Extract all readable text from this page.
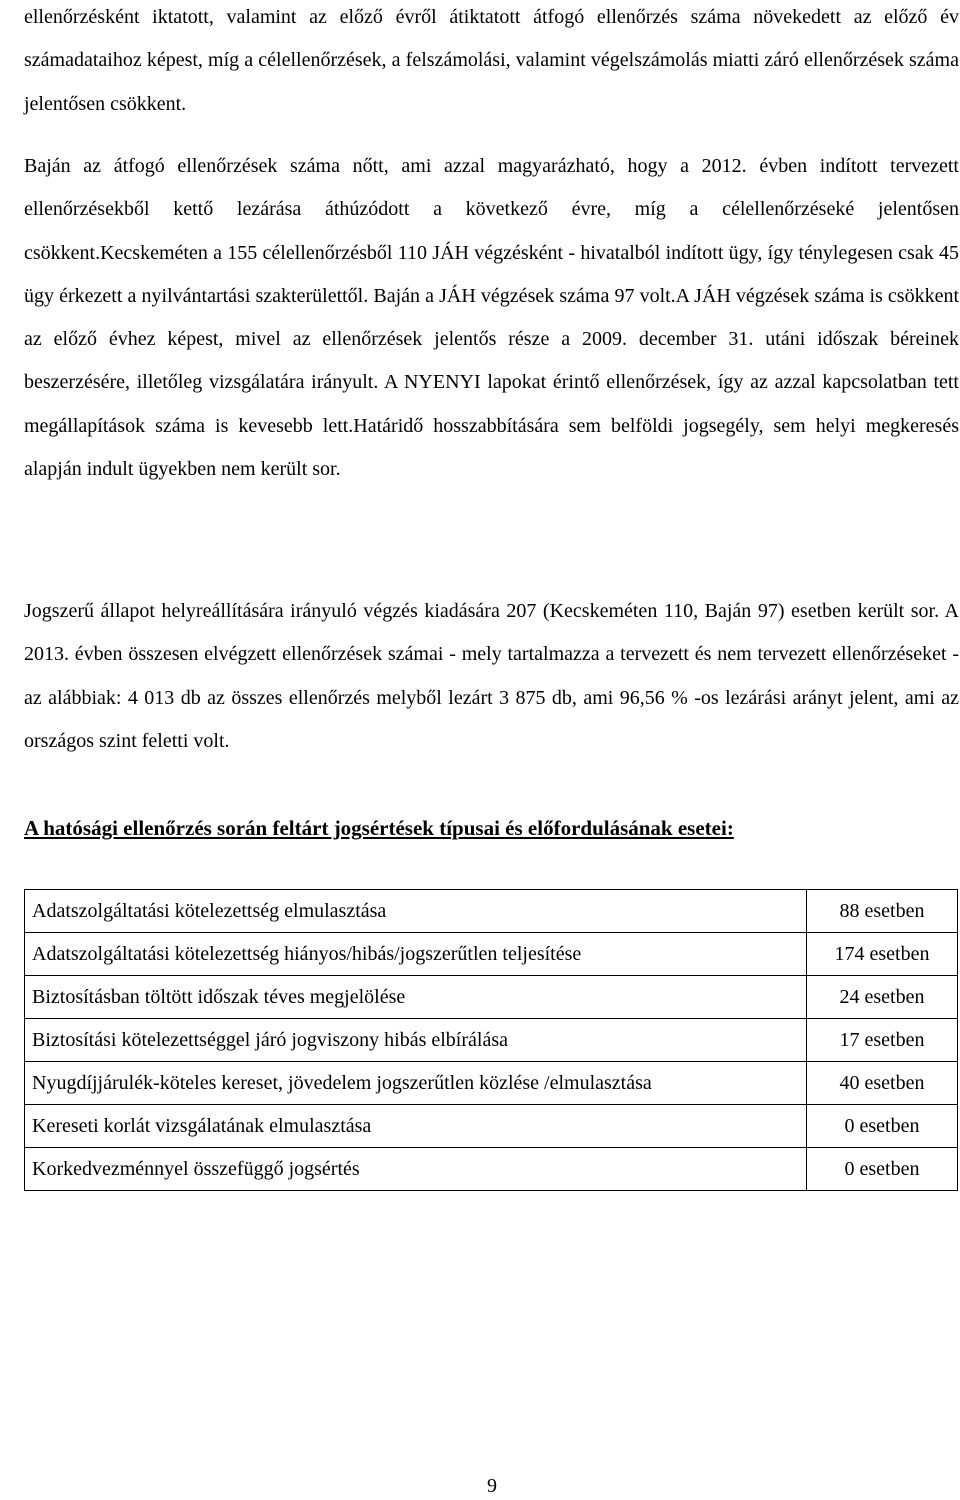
ellenőrzésként iktatott, valamint az előző évről átiktatott átfogó ellenőrzés száma növekedett az előző év számadataihoz képest, míg a célellenőrzések, a felszámolási, valamint végelszámolás miatti záró ellenőrzések száma jelentősen csökkent.

Baján az átfogó ellenőrzések száma nőtt, ami azzal magyarázható, hogy a 2012. évben indított tervezett ellenőrzésekből kettő lezárása áthúzódott a következő évre, míg a célellenőrzéseké jelentősen csökkent.Kecskeméten a 155 célellenőrzésből 110 JÁH végzésként - hivatalból indított ügy, így ténylegesen csak 45 ügy érkezett a nyilvántartási szakterülettől. Baján a JÁH végzések száma 97 volt.A JÁH végzések száma is csökkent az előző évhez képest, mivel az ellenőrzések jelentős része a 2009. december 31. utáni időszak béreinek beszerzésére, illetőleg vizsgálatára irányult. A NYENYI lapokat érintő ellenőrzések, így az azzal kapcsolatban tett megállapítások száma is kevesebb lett.Határidő hosszabbítására sem belföldi jogsegély, sem helyi megkeresés alapján indult ügyekben nem került sor.

Jogszerű állapot helyreállítására irányuló végzés kiadására 207 (Kecskeméten 110, Baján 97) esetben került sor. A 2013. évben összesen elvégzett ellenőrzések számai - mely tartalmazza a tervezett és nem tervezett ellenőrzéseket - az alábbiak: 4 013 db az összes ellenőrzés melyből lezárt 3 875 db, ami 96,56 % -os lezárási arányt jelent, ami az országos szint feletti volt.

A hatósági ellenőrzés során feltárt jogsértések típusai és előfordulásának esetei:
Adatszolgáltatási kötelezettség elmulasztása	88 esetben
Adatszolgáltatási kötelezettség hiányos/hibás/jogszerűtlen teljesítése	174 esetben
Biztosításban töltött időszak téves megjelölése	24 esetben
Biztosítási kötelezettséggel járó jogviszony hibás elbírálása	17 esetben
Nyugdíjjárulék-köteles kereset, jövedelem jogszerűtlen közlése /elmulasztása	40 esetben
Kereseti korlát vizsgálatának elmulasztása	0 esetben
Korkedvezménnyel összefüggő jogsértés	0 esetben

9
